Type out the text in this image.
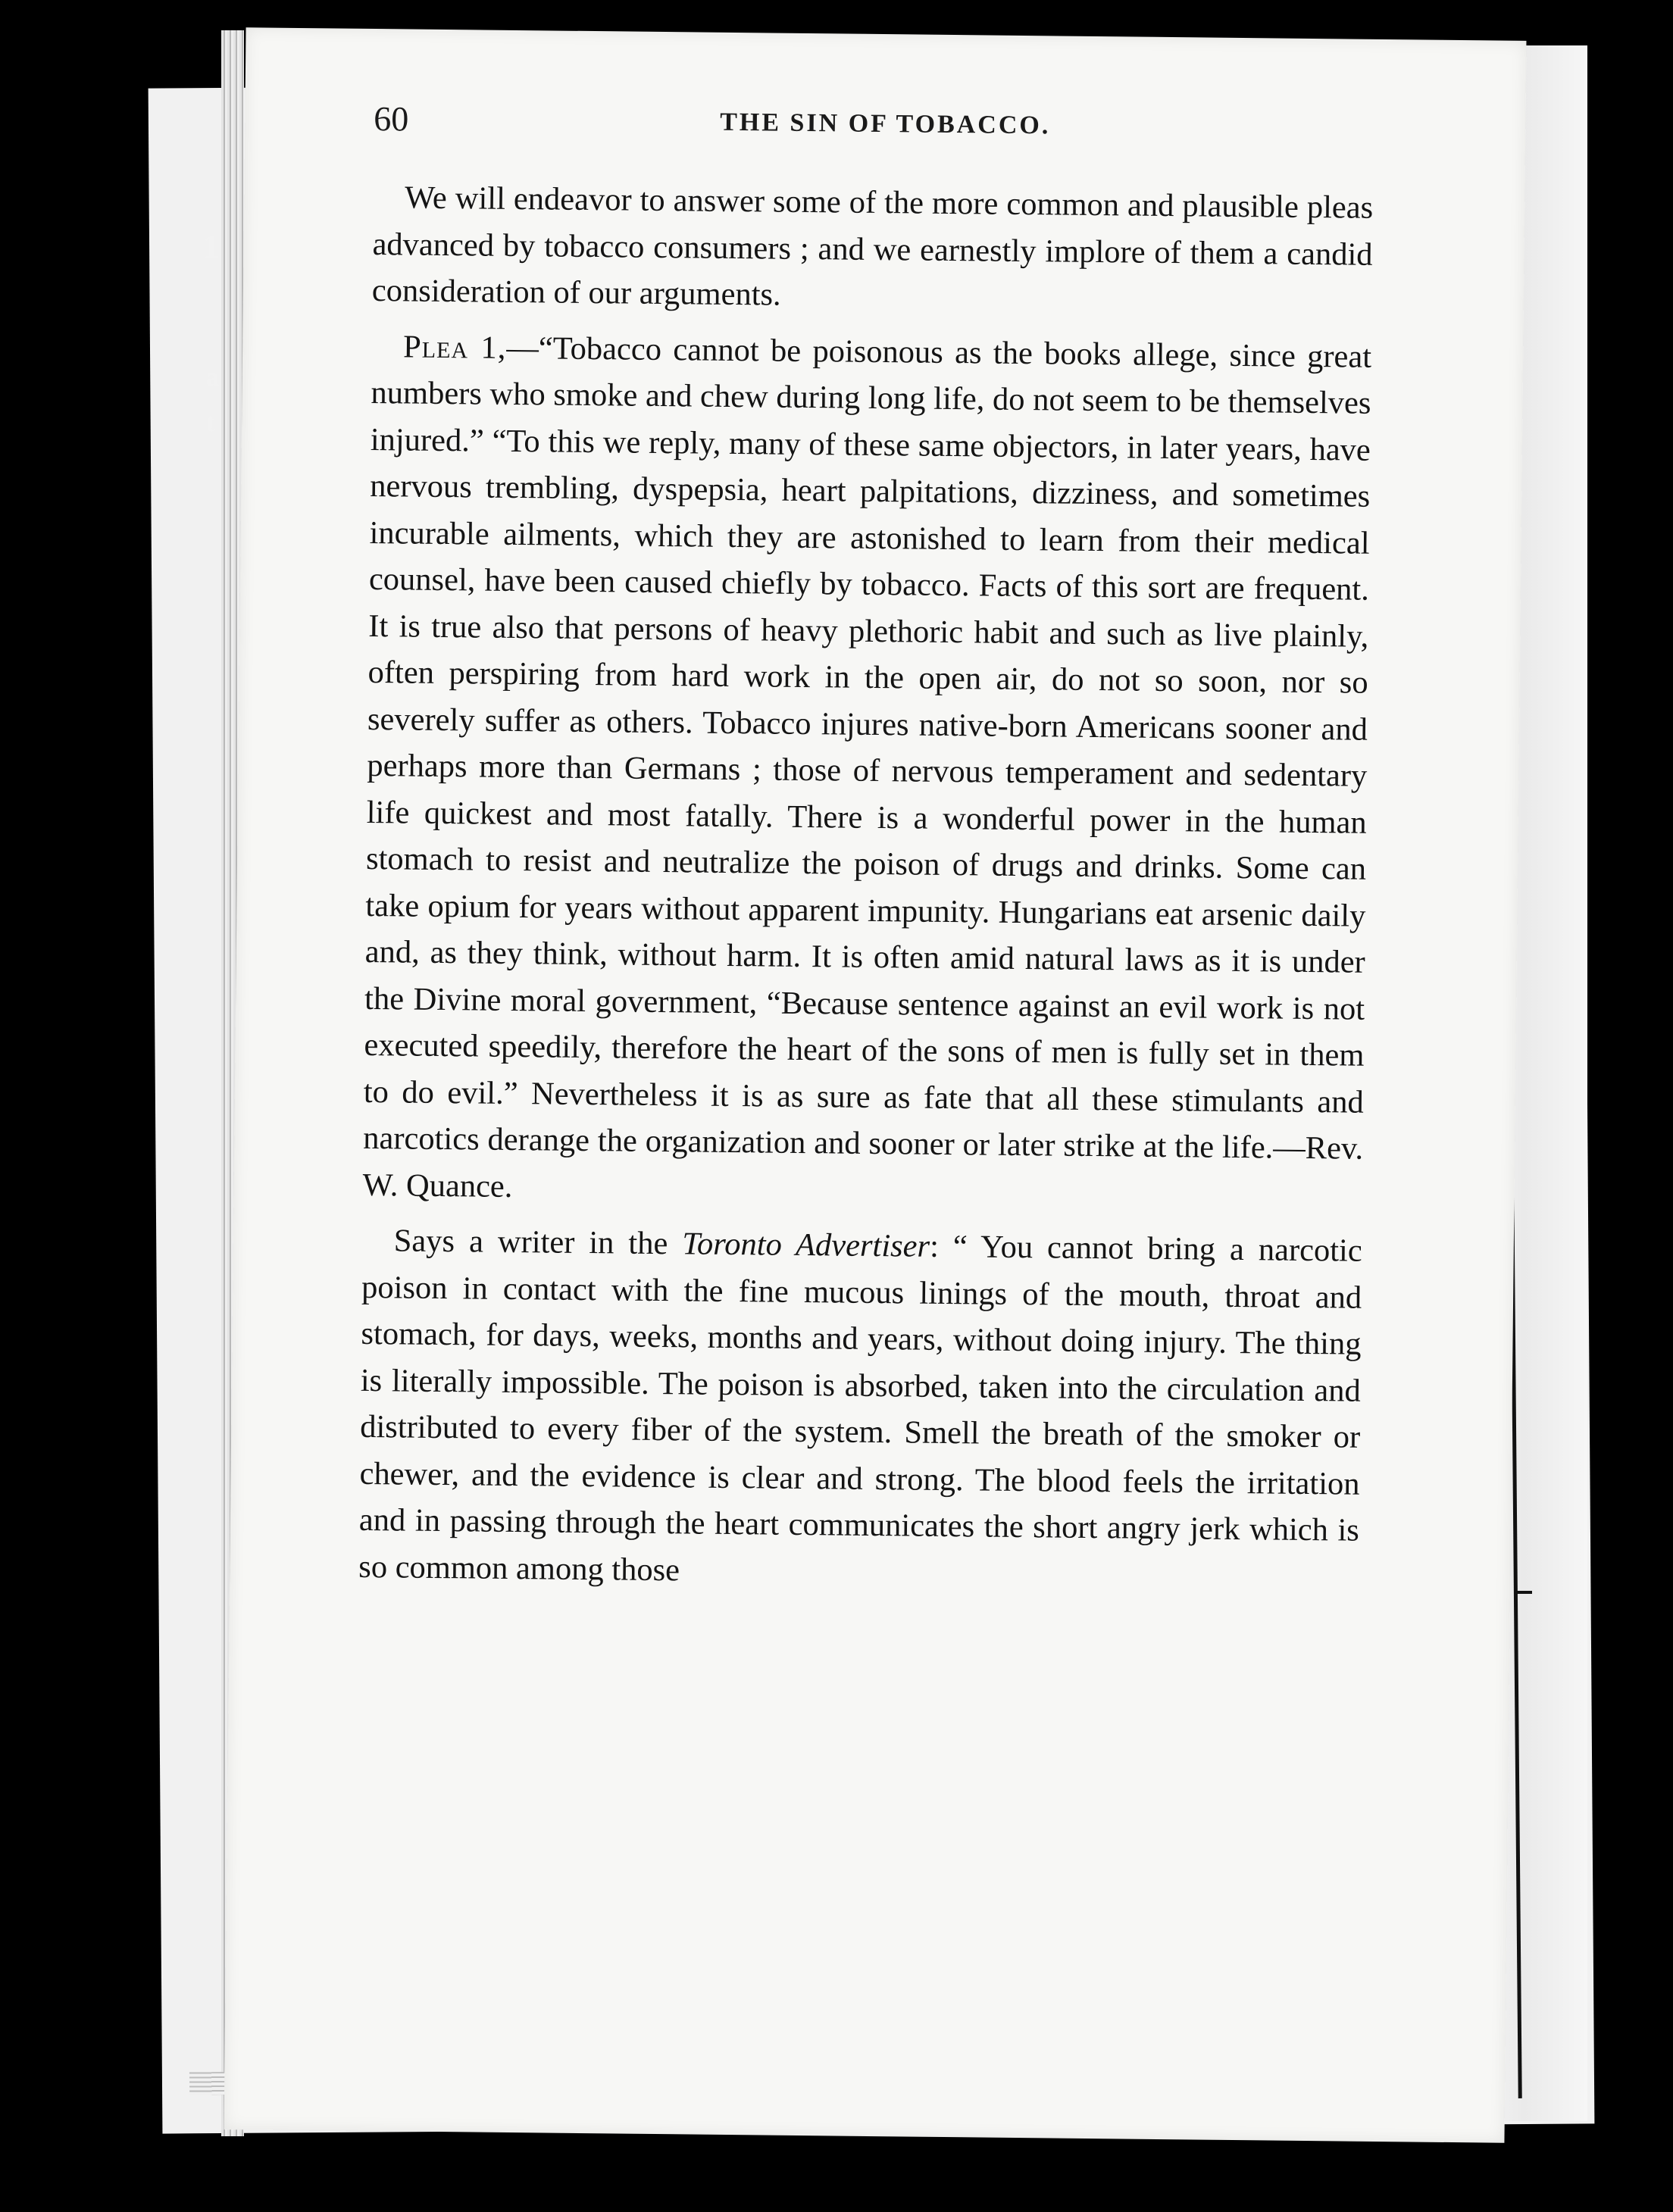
1
a
t
60	THE SIN OF TOBACCO.

We will endeavor to answer some of the more common and plausible pleas advanced by tobacco consumers ; and we earnestly implore of them a candid consideration of our arguments.

Plea 1,—“Tobacco cannot be poisonous as the books allege, since great numbers who smoke and chew during long life, do not seem to be themselves injured.” “To this we reply, many of these same objectors, in later years, have nervous trembling, dyspepsia, heart palpitations, dizziness, and sometimes incurable ailments, which they are astonished to learn from their medical counsel, have been caused chiefly by tobacco. Facts of this sort are frequent. It is true also that persons of heavy plethoric habit and such as live plainly, often perspiring from hard work in the open air, do not so soon, nor so severely suffer as others. Tobacco injures native-born Americans sooner and perhaps more than Germans ; those of nervous temperament and sedentary life quickest and most fatally. There is a wonderful power in the human stomach to resist and neutralize the poison of drugs and drinks. Some can take opium for years without apparent impunity. Hungarians eat arsenic daily and, as they think, without harm. It is often amid natural laws as it is under the Divine moral government, “Because sentence against an evil work is not executed speedily, therefore the heart of the sons of men is fully set in them to do evil.” Nevertheless it is as sure as fate that all these stimulants and narcotics derange the organization and sooner or later strike at the life.—Rev. W. Quance.

Says a writer in the Toronto Advertiser: “ You cannot bring a narcotic poison in contact with the fine mucous linings of the mouth, throat and stomach, for days, weeks, months and years, without doing injury. The thing is literally impossible. The poison is absorbed, taken into the circulation and distributed to every fiber of the system. Smell the breath of the smoker or chewer, and the evidence is clear and strong. The blood feels the irritation and in passing through the heart communicates the short angry jerk which is so common among those
